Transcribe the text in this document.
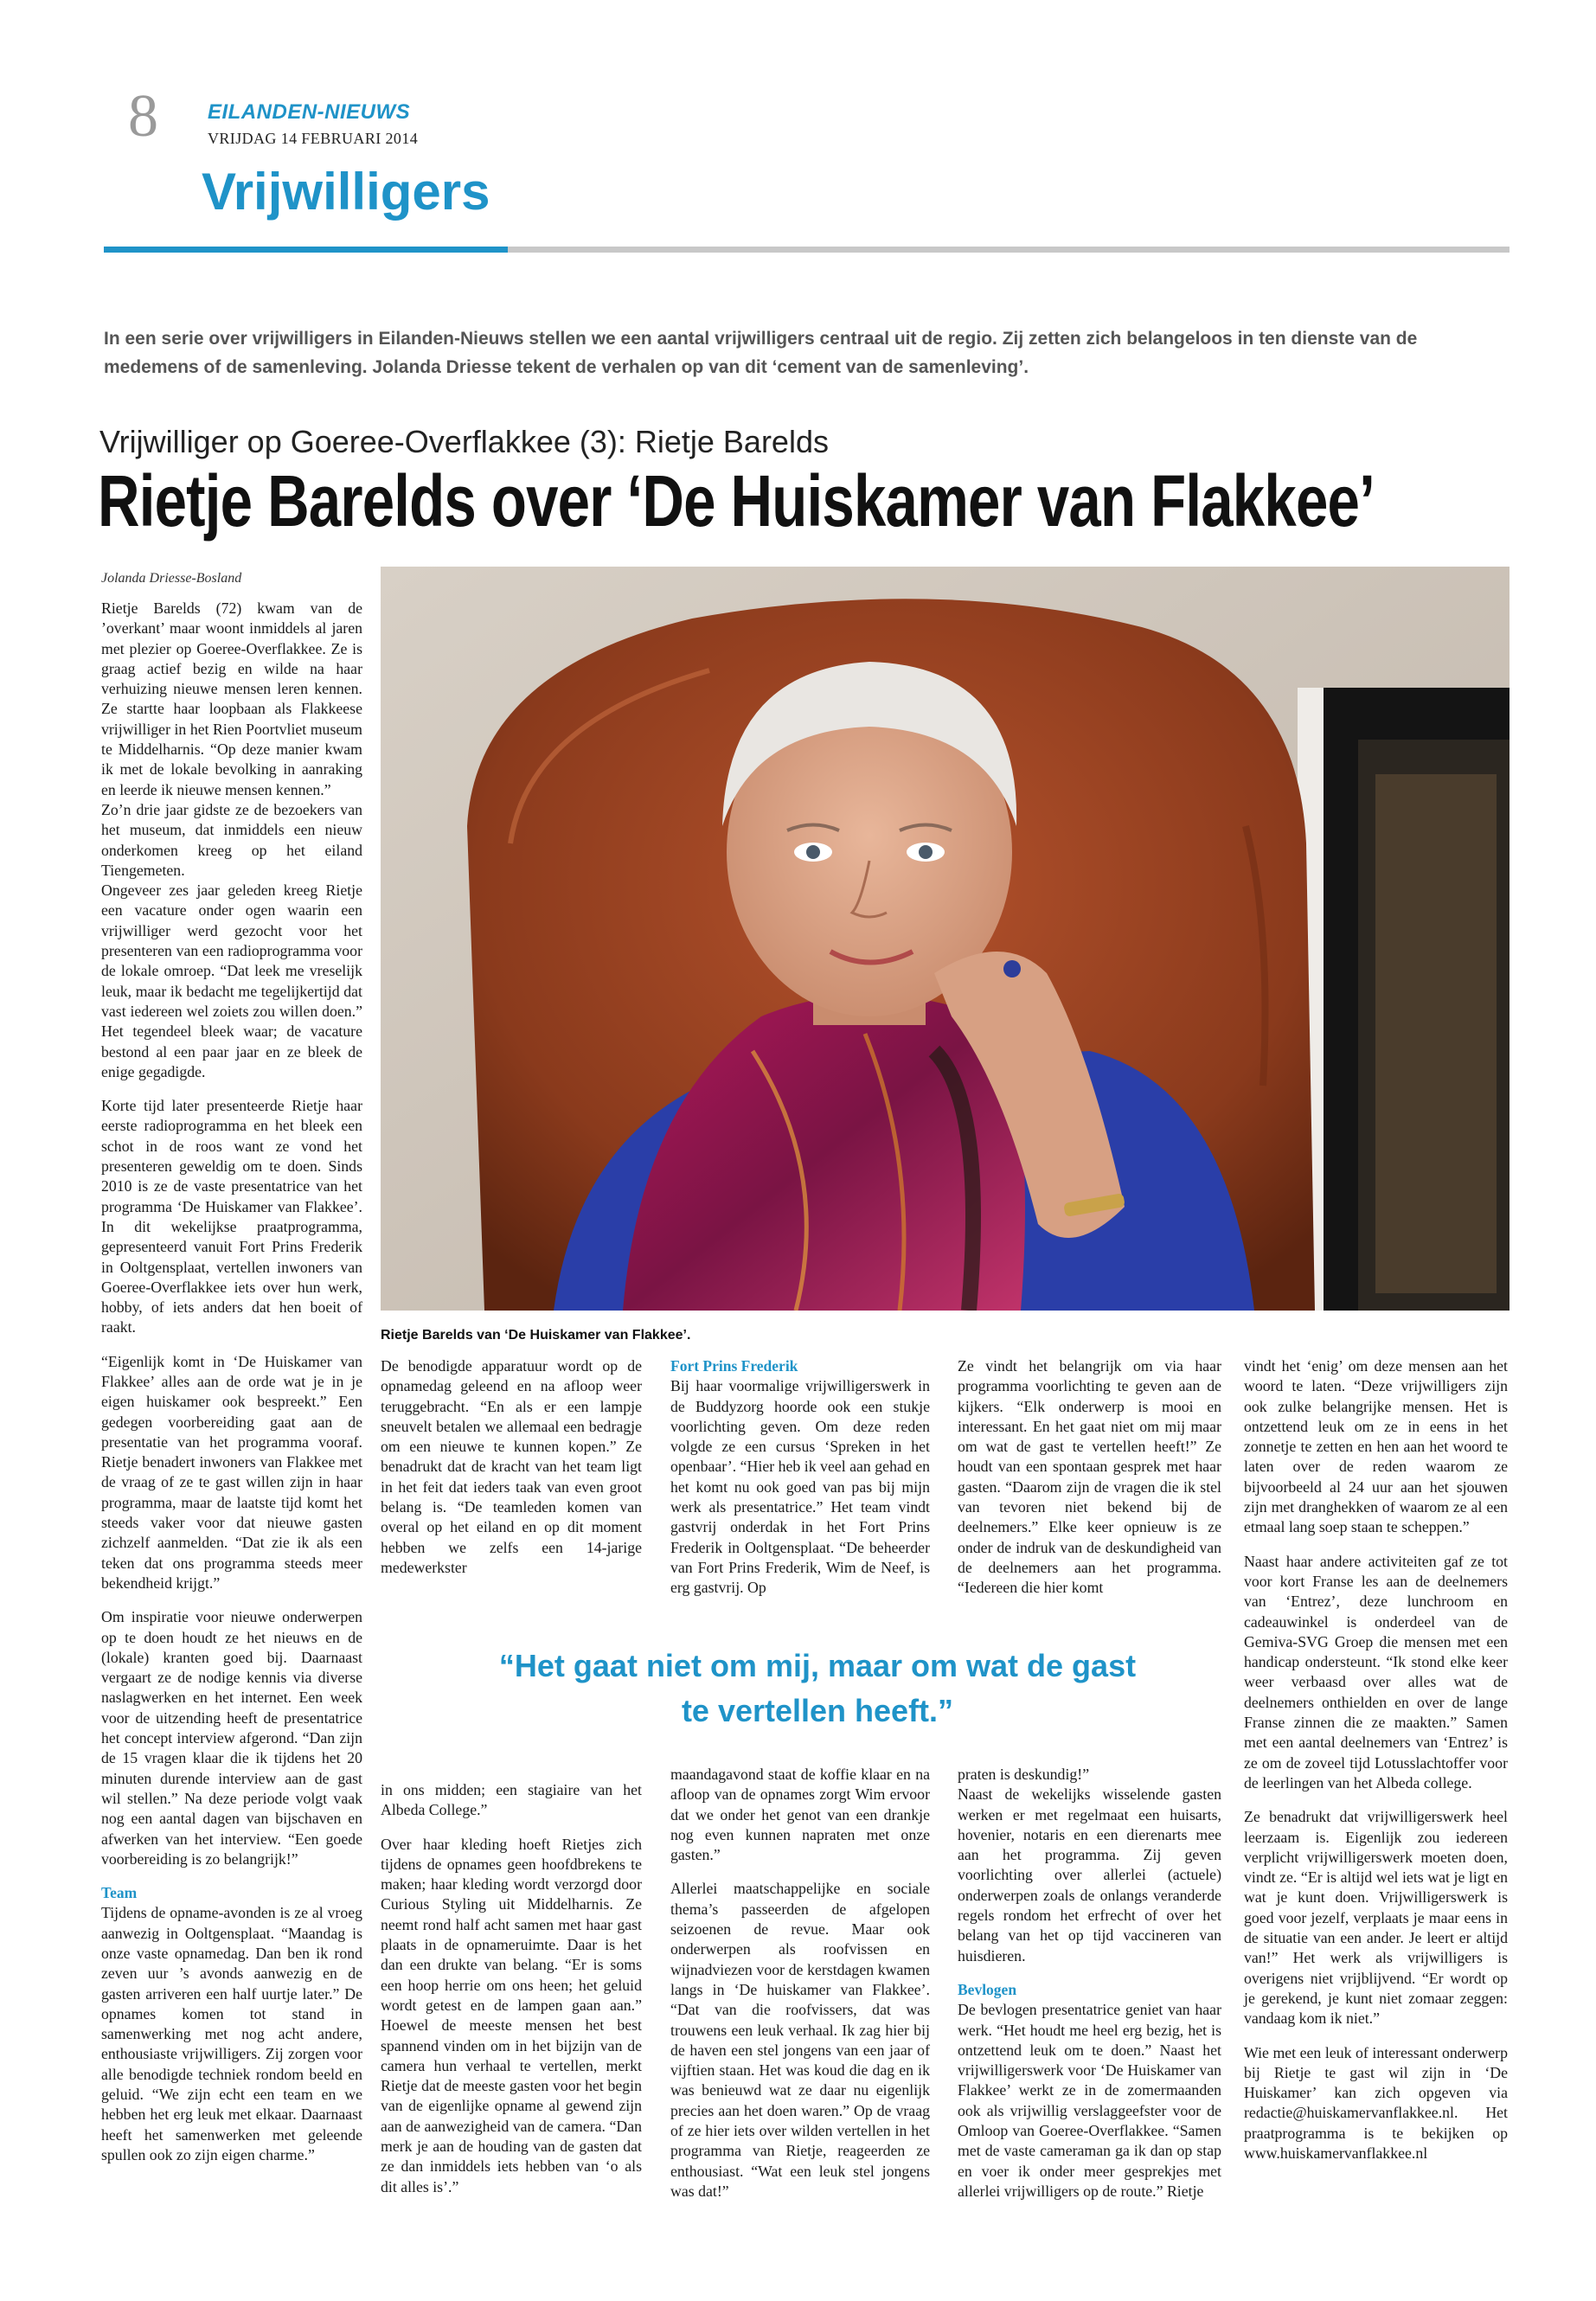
8 EILANDEN-NIEUWS
VRIJDAG 14 FEBRUARI 2014
Vrijwilligers

In een serie over vrijwilligers in Eilanden-Nieuws stellen we een aantal vrijwilligers centraal uit de regio. Zij zetten zich belangeloos in ten dienste van de medemens of de samenleving. Jolanda Driesse tekent de verhalen op van dit ‘cement van de samenleving’.

Vrijwilliger op Goeree-Overflakkee (3): Rietje Barelds

Rietje Barelds over ‘De Huiskamer van Flakkee’
Jolanda Driesse-Bosland
Rietje Barelds van ‘De Huiskamer van Flakkee’.

Rietje Barelds (72) kwam van de ’overkant’ maar woont inmiddels al jaren met plezier op Goeree-Overflakkee. Ze is graag actief bezig en wilde na haar verhuizing nieuwe mensen leren kennen. Ze startte haar loopbaan als Flakkeese vrijwilliger in het Rien Poortvliet museum te Middelharnis. “Op deze manier kwam ik met de lokale bevolking in aanraking en leerde ik nieuwe mensen kennen.”

Zo’n drie jaar gidste ze de bezoekers van het museum, dat inmiddels een nieuw onderkomen kreeg op het eiland Tiengemeten.

Ongeveer zes jaar geleden kreeg Rietje een vacature onder ogen waarin een vrijwilliger werd gezocht voor het presenteren van een radioprogramma voor de lokale omroep. “Dat leek me vreselijk leuk, maar ik bedacht me tegelijkertijd dat vast iedereen wel zoiets zou willen doen.” Het tegendeel bleek waar; de vacature bestond al een paar jaar en ze bleek de enige gegadigde.

Korte tijd later presenteerde Rietje haar eerste radioprogramma en het bleek een schot in de roos want ze vond het presenteren geweldig om te doen. Sinds 2010 is ze de vaste presentatrice van het programma ‘De Huiskamer van Flakkee’. In dit wekelijkse praatprogramma, gepresenteerd vanuit Fort Prins Frederik in Ooltgensplaat, vertellen inwoners van Goeree-Overflakkee iets over hun werk, hobby, of iets anders dat hen boeit of raakt.

“Eigenlijk komt in ‘De Huiskamer van Flakkee’ alles aan de orde wat je in je eigen huiskamer ook bespreekt.” Een gedegen voorbereiding gaat aan de presentatie van het programma vooraf. Rietje benadert inwoners van Flakkee met de vraag of ze te gast willen zijn in haar programma, maar de laatste tijd komt het steeds vaker voor dat nieuwe gasten zichzelf aanmelden. “Dat zie ik als een teken dat ons programma steeds meer bekendheid krijgt.”

Om inspiratie voor nieuwe onderwerpen op te doen houdt ze het nieuws en de (lokale) kranten goed bij. Daarnaast vergaart ze de nodige kennis via diverse naslagwerken en het internet. Een week voor de uitzending heeft de presentatrice het concept interview afgerond. “Dan zijn de 15 vragen klaar die ik tijdens het 20 minuten durende interview aan de gast wil stellen.” Na deze periode volgt vaak nog een aantal dagen van bijschaven en afwerken van het interview. “Een goede voorbereiding is zo belangrijk!”

Team

Tijdens de opname-avonden is ze al vroeg aanwezig in Ooltgensplaat. “Maandag is onze vaste opnamedag. Dan ben ik rond zeven uur ’s avonds aanwezig en de gasten arriveren een half uurtje later.” De opnames komen tot stand in samenwerking met nog acht andere, enthousiaste vrijwilligers. Zij zorgen voor alle benodigde techniek rondom beeld en geluid. “We zijn echt een team en we hebben het erg leuk met elkaar. Daarnaast heeft het samenwerken met geleende spullen ook zo zijn eigen charme.”

De benodigde apparatuur wordt op de opnamedag geleend en na afloop weer teruggebracht. “En als er een lampje sneuvelt betalen we allemaal een bedragje om een nieuwe te kunnen kopen.” Ze benadrukt dat de kracht van het team ligt in het feit dat ieders taak van even groot belang is. “De teamleden komen van overal op het eiland en op dit moment hebben we zelfs een 14-jarige medewerkster

Fort Prins Frederik

Bij haar voormalige vrijwilligerswerk in de Buddyzorg hoorde ook een stukje voorlichting geven. Om deze reden volgde ze een cursus ‘Spreken in het openbaar’. “Hier heb ik veel aan gehad en het komt nu ook goed van pas bij mijn werk als presentatrice.” Het team vindt gastvrij onderdak in het Fort Prins Frederik in Ooltgensplaat. “De beheerder van Fort Prins Frederik, Wim de Neef, is erg gastvrij. Op

Ze vindt het belangrijk om via haar programma voorlichting te geven aan de kijkers. “Elk onderwerp is mooi en interessant. En het gaat niet om mij maar om wat de gast te vertellen heeft!” Ze houdt van een spontaan gesprek met haar gasten. “Daarom zijn de vragen die ik stel van tevoren niet bekend bij de deelnemers.” Elke keer opnieuw is ze onder de indruk van de deskundigheid van de deelnemers aan het programma. “Iedereen die hier komt

“Het gaat niet om mij, maar om wat de gast te vertellen heeft.”

in ons midden; een stagiaire van het Albeda College.”

Over haar kleding hoeft Rietjes zich tijdens de opnames geen hoofdbrekens te maken; haar kleding wordt verzorgd door Curious Styling uit Middelharnis. Ze neemt rond half acht samen met haar gast plaats in de opnameruimte. Daar is het dan een drukte van belang. “Er is soms een hoop herrie om ons heen; het geluid wordt getest en de lampen gaan aan.” Hoewel de meeste mensen het best spannend vinden om in het bijzijn van de camera hun verhaal te vertellen, merkt Rietje dat de meeste gasten voor het begin van de eigenlijke opname al gewend zijn aan de aanwezigheid van de camera. “Dan merk je aan de houding van de gasten dat ze dan inmiddels iets hebben van ‘o als dit alles is’.”

maandagavond staat de koffie klaar en na afloop van de opnames zorgt Wim ervoor dat we onder het genot van een drankje nog even kunnen napraten met onze gasten.”

Allerlei maatschappelijke en sociale thema’s passeerden de afgelopen seizoenen de revue. Maar ook onderwerpen als roofvissen en wijnadviezen voor de kerstdagen kwamen langs in ‘De huiskamer van Flakkee’. “Dat van die roofvissers, dat was trouwens een leuk verhaal. Ik zag hier bij de haven een stel jongens van een jaar of vijftien staan. Het was koud die dag en ik was benieuwd wat ze daar nu eigenlijk precies aan het doen waren.” Op de vraag of ze hier iets over wilden vertellen in het programma van Rietje, reageerden ze enthousiast. “Wat een leuk stel jongens was dat!”

praten is deskundig!”

Naast de wekelijks wisselende gasten werken er met regelmaat een huisarts, hovenier, notaris en een dierenarts mee aan het programma. Zij geven voorlichting over allerlei (actuele) onderwerpen zoals de onlangs veranderde regels rondom het erfrecht of over het belang van het op tijd vaccineren van huisdieren.

Bevlogen

De bevlogen presentatrice geniet van haar werk. “Het houdt me heel erg bezig, het is ontzettend leuk om te doen.” Naast het vrijwilligerswerk voor ‘De Huiskamer van Flakkee’ werkt ze in de zomermaanden ook als vrijwillig verslaggeefster voor de Omloop van Goeree-Overflakkee. “Samen met de vaste cameraman ga ik dan op stap en voer ik onder meer gesprekjes met allerlei vrijwilligers op de route.” Rietje

vindt het ‘enig’ om deze mensen aan het woord te laten. “Deze vrijwilligers zijn ook zulke belangrijke mensen. Het is ontzettend leuk om ze in eens in het zonnetje te zetten en hen aan het woord te laten over de reden waarom ze bijvoorbeeld al 24 uur aan het sjouwen zijn met dranghekken of waarom ze al een etmaal lang soep staan te scheppen.”

Naast haar andere activiteiten gaf ze tot voor kort Franse les aan de deelnemers van ‘Entrez’, deze lunchroom en cadeauwinkel is onderdeel van de Gemiva-SVG Groep die mensen met een handicap ondersteunt. “Ik stond elke keer weer verbaasd over alles wat de deelnemers onthielden en over de lange Franse zinnen die ze maakten.” Samen met een aantal deelnemers van ‘Entrez’ is ze om de zoveel tijd Lotusslachtoffer voor de leerlingen van het Albeda college.

Ze benadrukt dat vrijwilligerswerk heel leerzaam is. Eigenlijk zou iedereen verplicht vrijwilligerswerk moeten doen, vindt ze. “Er is altijd wel iets wat je ligt en wat je kunt doen. Vrijwilligerswerk is goed voor jezelf, verplaats je maar eens in de situatie van een ander. Je leert er altijd van!” Het werk als vrijwilligers is overigens niet vrijblijvend. “Er wordt op je gerekend, je kunt niet zomaar zeggen: vandaag kom ik niet.”

Wie met een leuk of interessant onderwerp bij Rietje te gast wil zijn in ‘De Huiskamer’ kan zich opgeven via redactie@huiskamervanflakkee.nl. Het praatprogramma is te bekijken op www.huiskamervanflakkee.nl
